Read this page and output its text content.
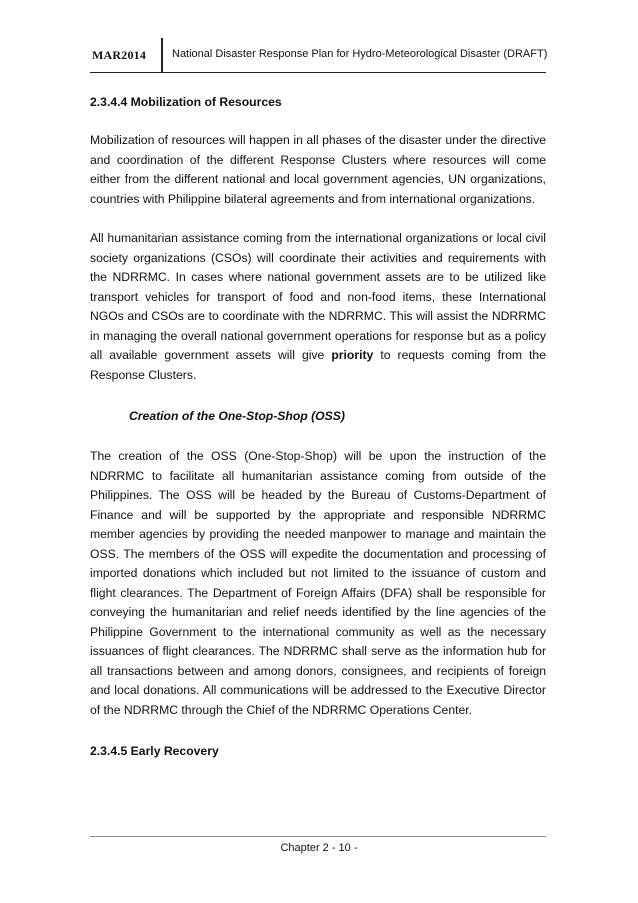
MAR2014 National Disaster Response Plan for Hydro-Meteorological Disaster (DRAFT)
2.3.4.4 Mobilization of Resources

Mobilization of resources will happen in all phases of the disaster under the directive and coordination of the different Response Clusters where resources will come either from the different national and local government agencies, UN organizations, countries with Philippine bilateral agreements and from international organizations.

All humanitarian assistance coming from the international organizations or local civil society organizations (CSOs) will coordinate their activities and requirements with the NDRRMC. In cases where national government assets are to be utilized like transport vehicles for transport of food and non-food items, these International NGOs and CSOs are to coordinate with the NDRRMC. This will assist the NDRRMC in managing the overall national government operations for response but as a policy all available government assets will give priority to requests coming from the Response Clusters.

Creation of the One-Stop-Shop (OSS)

The creation of the OSS (One-Stop-Shop) will be upon the instruction of the NDRRMC to facilitate all humanitarian assistance coming from outside of the Philippines. The OSS will be headed by the Bureau of Customs-Department of Finance and will be supported by the appropriate and responsible NDRRMC member agencies by providing the needed manpower to manage and maintain the OSS. The members of the OSS will expedite the documentation and processing of imported donations which included but not limited to the issuance of custom and flight clearances. The Department of Foreign Affairs (DFA) shall be responsible for conveying the humanitarian and relief needs identified by the line agencies of the Philippine Government to the international community as well as the necessary issuances of flight clearances. The NDRRMC shall serve as the information hub for all transactions between and among donors, consignees, and recipients of foreign and local donations. All communications will be addressed to the Executive Director of the NDRRMC through the Chief of the NDRRMC Operations Center.

2.3.4.5 Early Recovery
Chapter 2 - 10 -
